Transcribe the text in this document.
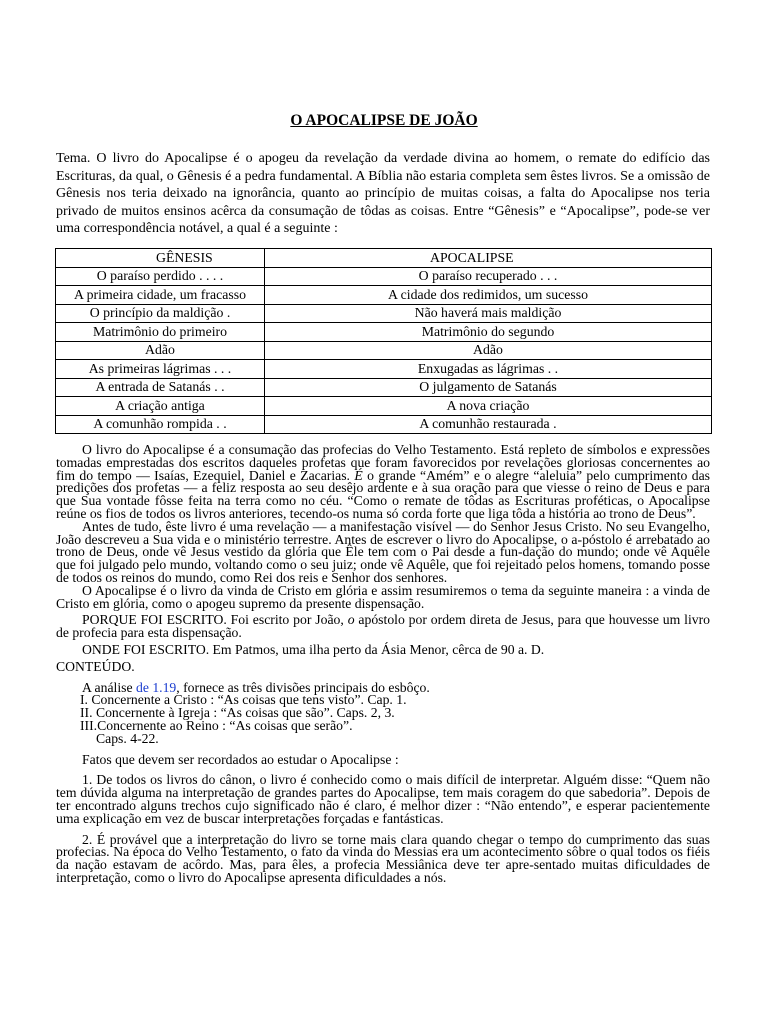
O APOCALIPSE DE JOÃO

Tema. O livro do Apocalipse é o apogeu da revelação da verdade divina ao homem, o remate do edifício das Escrituras, da qual, o Gênesis é a pedra fundamental. A Bíblia não estaria completa sem êstes livros. Se a omissão de Gênesis nos teria deixado na ignorância, quanto ao princípio de muitas coisas, a falta do Apocalipse nos teria privado de muitos ensinos acêrca da consumação de tôdas as coisas. Entre “Gênesis” e “Apocalipse”, pode-se ver uma correspondência notável, a qual é a seguinte :

GÊNESIS	APOCALIPSE
O paraíso perdido . . . .	O paraíso recuperado . . .
A primeira cidade, um fracasso	A cidade dos redimidos, um sucesso
O princípio da maldição .	Não haverá mais maldição
Matrimônio do primeiro	Matrimônio do segundo
Adão	Adão
As primeiras lágrimas . . .	Enxugadas as lágrimas . .
A entrada de Satanás . .	O julgamento de Satanás
A criação antiga	A nova criação
A comunhão rompida . .	A comunhão restaurada .

O livro do Apocalipse é a consumação das profecias do Velho Testamento. Está repleto de símbolos e expressões tomadas emprestadas dos escritos daqueles profetas que foram favorecidos por revelações gloriosas concernentes ao fim do tempo — Isaías, Ezequiel, Daniel e Zacarias. É o grande “Amém” e o alegre “aleluia” pelo cumprimento das predições dos profetas — a feliz resposta ao seu desêjo ardente e à sua oração para que viesse o reino de Deus e para que Sua vontade fôsse feita na terra como no céu. “Como o remate de tôdas as Escrituras proféticas, o Apocalipse reúne os fios de todos os livros anteriores, tecendo-os numa só corda forte que liga tôda a história ao trono de Deus”.

Antes de tudo, êste livro é uma revelação — a manifestação visível — do Senhor Jesus Cristo. No seu Evangelho, João descreveu a Sua vida e o ministério terrestre. Antes de escrever o livro do Apocalipse, o a-póstolo é arrebatado ao trono de Deus, onde vê Jesus vestido da glória que Êle tem com o Pai desde a fun-dação do mundo; onde vê Aquêle que foi julgado pelo mundo, voltando como o seu juiz; onde vê Aquêle, que foi rejeitado pelos homens, tomando posse de todos os reinos do mundo, como Rei dos reis e Senhor dos senhores.

O Apocalipse é o livro da vinda de Cristo em glória e assim resumiremos o tema da seguinte maneira : a vinda de Cristo em glória, como o apogeu supremo da presente dispensação.

PORQUE FOI ESCRITO. Foi escrito por João, o apóstolo por ordem direta de Jesus, para que houvesse um livro de profecia para esta dispensação.

ONDE FOI ESCRITO. Em Patmos, uma ilha perto da Ásia Menor, cêrca de 90 a. D.

CONTEÚDO.

A análise de 1.19, fornece as três divisões principais do esbôço.

I. Concernente a Cristo : “As coisas que tens visto”. Cap. 1.

II. Concernente à Igreja : “As coisas que são”. Caps. 2, 3.

III.Concernente ao Reino : “As coisas que serão”.

Caps. 4-22.

Fatos que devem ser recordados ao estudar o Apocalipse :

1. De todos os livros do cânon, o livro é conhecido como o mais difícil de interpretar. Alguém disse: “Quem não tem dúvida alguma na interpretação de grandes partes do Apocalipse, tem mais coragem do que sabedoria”. Depois de ter encontrado alguns trechos cujo significado não é claro, é melhor dizer : “Não entendo”, e esperar pacientemente uma explicação em vez de buscar interpretações forçadas e fantásticas.

2. É provável que a interpretação do livro se torne mais clara quando chegar o tempo do cumprimento das suas profecias. Na época do Velho Testamento, o fato da vinda do Messias era um acontecimento sôbre o qual todos os fiéis da nação estavam de acôrdo. Mas, para êles, a profecia Messiânica deve ter apre-sentado muitas dificuldades de interpretação, como o livro do Apocalipse apresenta dificuldades a nós.
